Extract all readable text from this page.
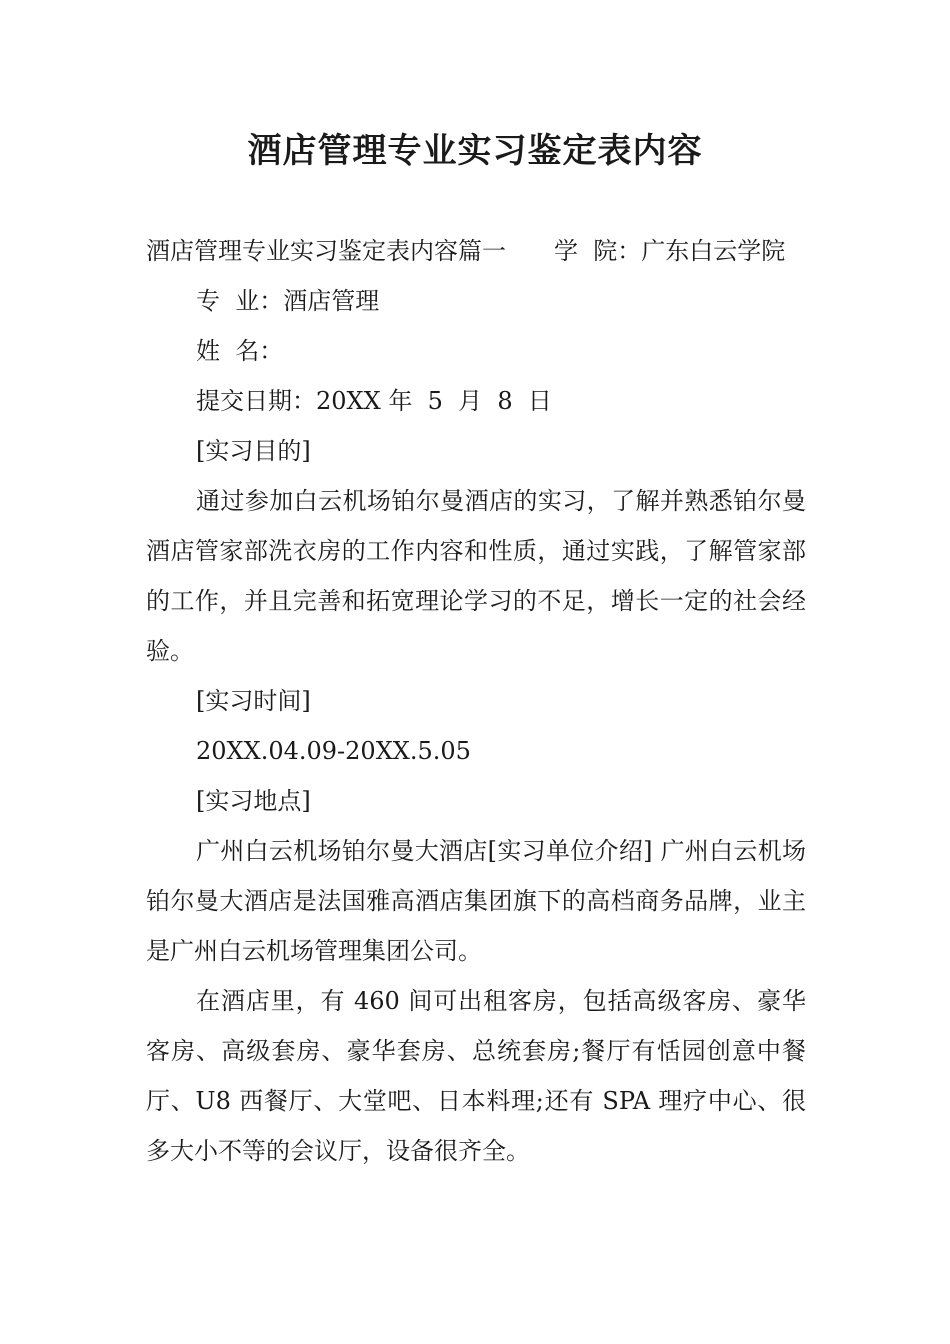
酒店管理专业实习鉴定表内容

酒店管理专业实习鉴定表内容篇一 学  院：广东白云学院

专  业：酒店管理

姓  名：

提交日期：20XX 年  5  月  8  日

[实习目的]

通过参加白云机场铂尔曼酒店的实习，了解并熟悉铂尔曼酒店管家部洗衣房的工作内容和性质，通过实践，了解管家部的工作，并且完善和拓宽理论学习的不足，增长一定的社会经验。

[实习时间]

20XX.04.09-20XX.5.05

[实习地点]

广州白云机场铂尔曼大酒店[实习单位介绍] 广州白云机场铂尔曼大酒店是法国雅高酒店集团旗下的高档商务品牌，业主是广州白云机场管理集团公司。

在酒店里，有 460 间可出租客房，包括高级客房、豪华客房、高级套房、豪华套房、总统套房;餐厅有恬园创意中餐厅、U8 西餐厅、大堂吧、日本料理;还有 SPA 理疗中心、很多大小不等的会议厅，设备很齐全。
